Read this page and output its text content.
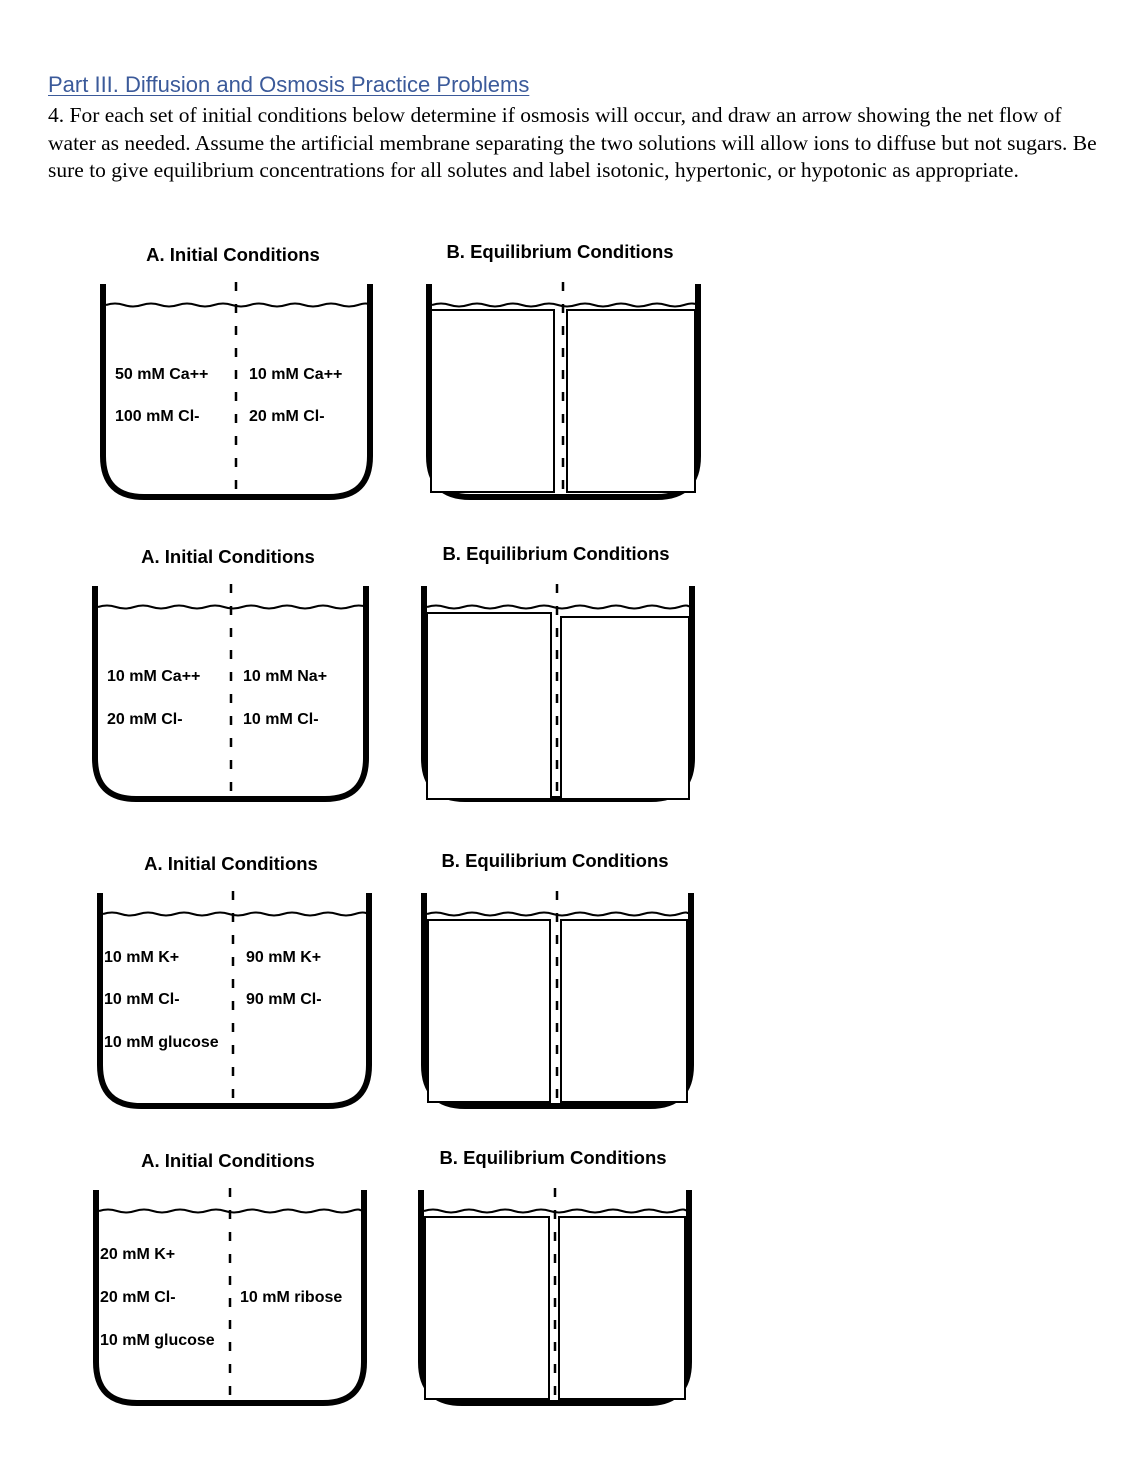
Part III. Diffusion and Osmosis Practice Problems
4. For each set of initial conditions below determine if osmosis will occur, and draw an arrow showing the net flow of water as needed. Assume the artificial membrane separating the two solutions will allow ions to diffuse but not sugars. Be sure to give equilibrium concentrations for all solutes and label isotonic, hypertonic, or hypotonic as appropriate.
A. Initial Conditions
50 mM Ca++
100 mM Cl-
10 mM Ca++
20 mM Cl-
B. Equilibrium Conditions
A. Initial Conditions
10 mM Ca++
20 mM Cl-
10 mM Na+
10 mM Cl-
B. Equilibrium Conditions
A. Initial Conditions
10 mM K+
10 mM Cl-
10 mM glucose
90 mM K+
90 mM Cl-
B. Equilibrium Conditions
A. Initial Conditions
20 mM K+
20 mM Cl-
10 mM glucose
10 mM ribose
B. Equilibrium Conditions
